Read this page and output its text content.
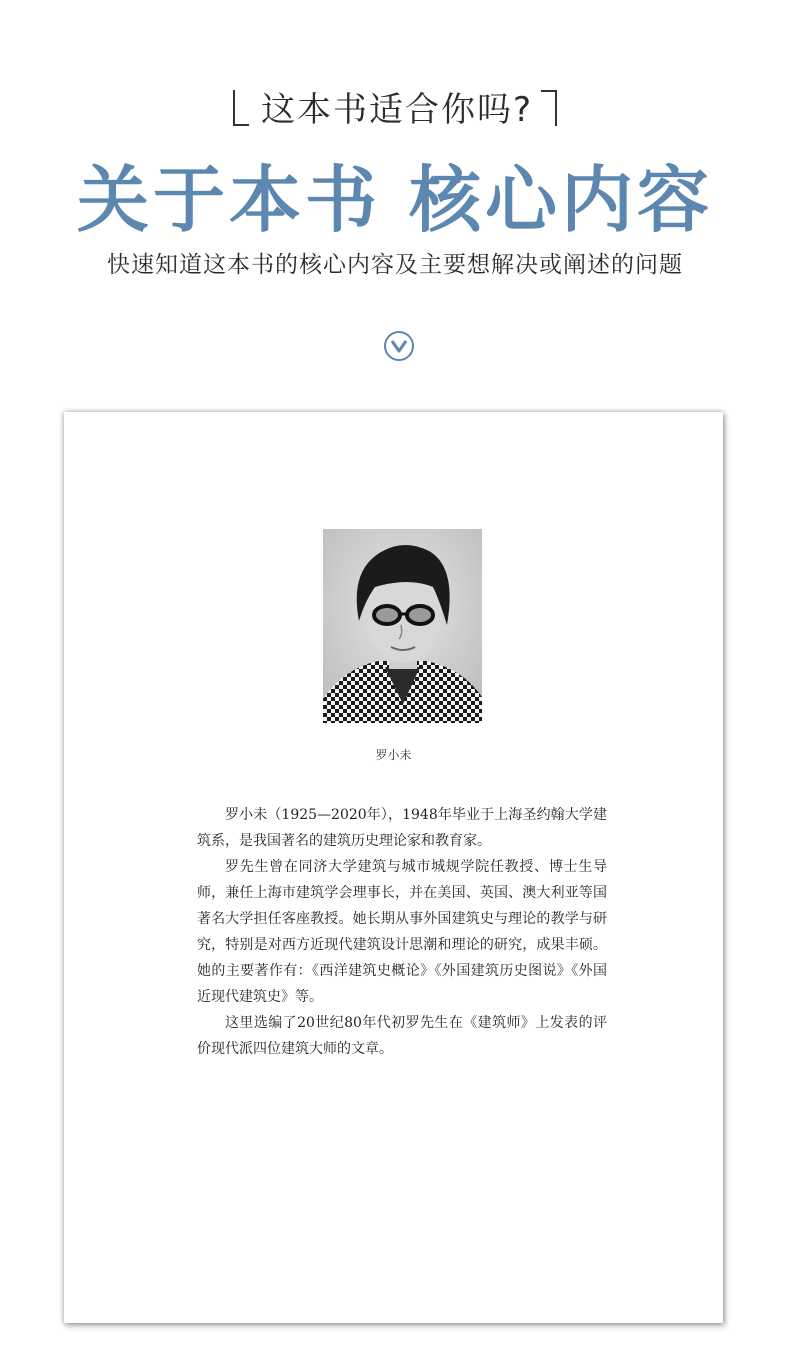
这本书适合你吗?
关于本书 核心内容
快速知道这本书的核心内容及主要想解决或阐述的问题
罗小未

罗小未（1925—2020年），1948年毕业于上海圣约翰大学建筑系，是我国著名的建筑历史理论家和教育家。

罗先生曾在同济大学建筑与城市城规学院任教授、博士生导师，兼任上海市建筑学会理事长，并在美国、英国、澳大利亚等国著名大学担任客座教授。她长期从事外国建筑史与理论的教学与研究，特别是对西方近现代建筑设计思潮和理论的研究，成果丰硕。她的主要著作有：《西洋建筑史概论》《外国建筑历史图说》《外国近现代建筑史》等。

这里选编了20世纪80年代初罗先生在《建筑师》上发表的评价现代派四位建筑大师的文章。
